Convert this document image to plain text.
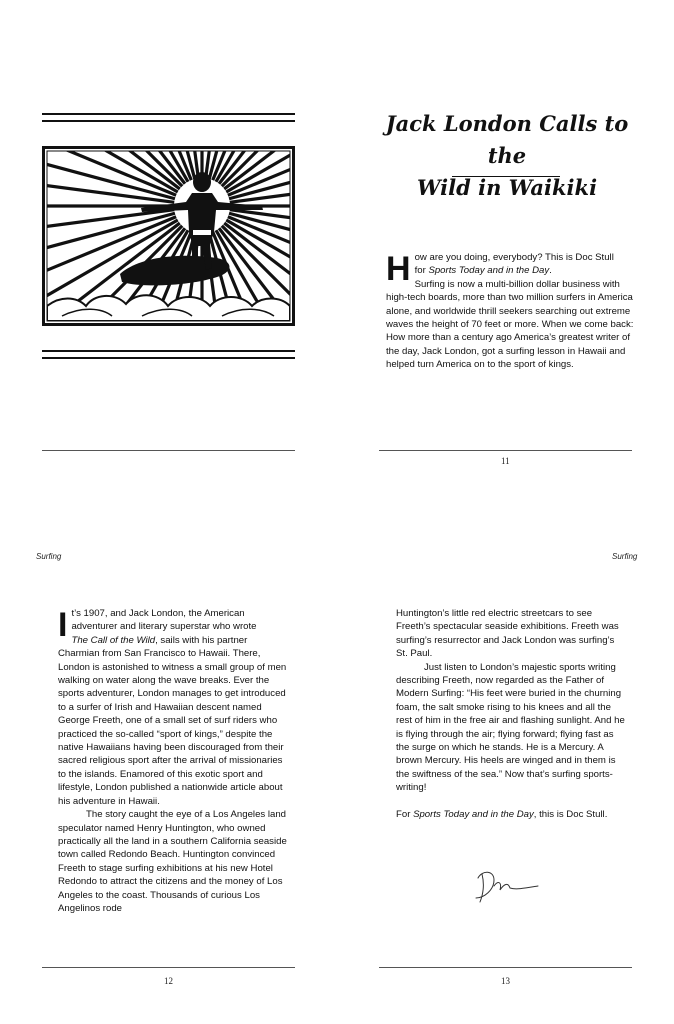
Jack London Calls to the
Wild in Waikiki
H ow are you doing, everybody? This is Doc Stull
for Sports Today and in the Day.
Surfing is now a multi-billion dollar business with high-tech boards, more than two million surfers in America alone, and worldwide thrill seekers searching out extreme waves the height of 70 feet or more. When we come back: How more than a century ago America’s greatest writer of the day, Jack London, got a surfing lesson in Hawaii and helped turn America on to the sport of kings.
11
Surfing

I t’s 1907, and Jack London, the American
adventurer and literary superstar who wrote
The Call of the Wild, sails with his partner Charmian from San Francisco to Hawaii. There, London is astonished to witness a small group of men walking on water along the wave breaks. Ever the sports adventurer, London manages to get introduced to a surfer of Irish and Hawaiian descent named George Freeth, one of a small set of surf riders who practiced the so-called “sport of kings,” despite the native Hawaiians having been discouraged from their sacred religious sport after the arrival of missionaries to the islands. Enamored of this exotic sport and lifestyle, London published a nationwide article about his adventure in Hawaii.

The story caught the eye of a Los Angeles land speculator named Henry Huntington, who owned practically all the land in a southern California seaside town called Redondo Beach. Huntington convinced Freeth to stage surfing exhibitions at his new Hotel Redondo to attract the citizens and the money of Los Angeles to the coast. Thousands of curious Los Angelinos rode

12
Surfing

Huntington’s little red electric streetcars to see Freeth’s spectacular seaside exhibitions. Freeth was surfing’s resurrector and Jack London was surfing’s St. Paul.

Just listen to London’s majestic sports writing describing Freeth, now regarded as the Father of Modern Surfing: “His feet were buried in the churning foam, the salt smoke rising to his knees and all the rest of him in the free air and flashing sunlight. And he is flying through the air; flying forward; flying fast as the surge on which he stands. He is a Mercury. A brown Mercury. His heels are winged and in them is the swiftness of the sea.” Now that’s surfing sports-writing!

For Sports Today and in the Day, this is Doc Stull.

13
